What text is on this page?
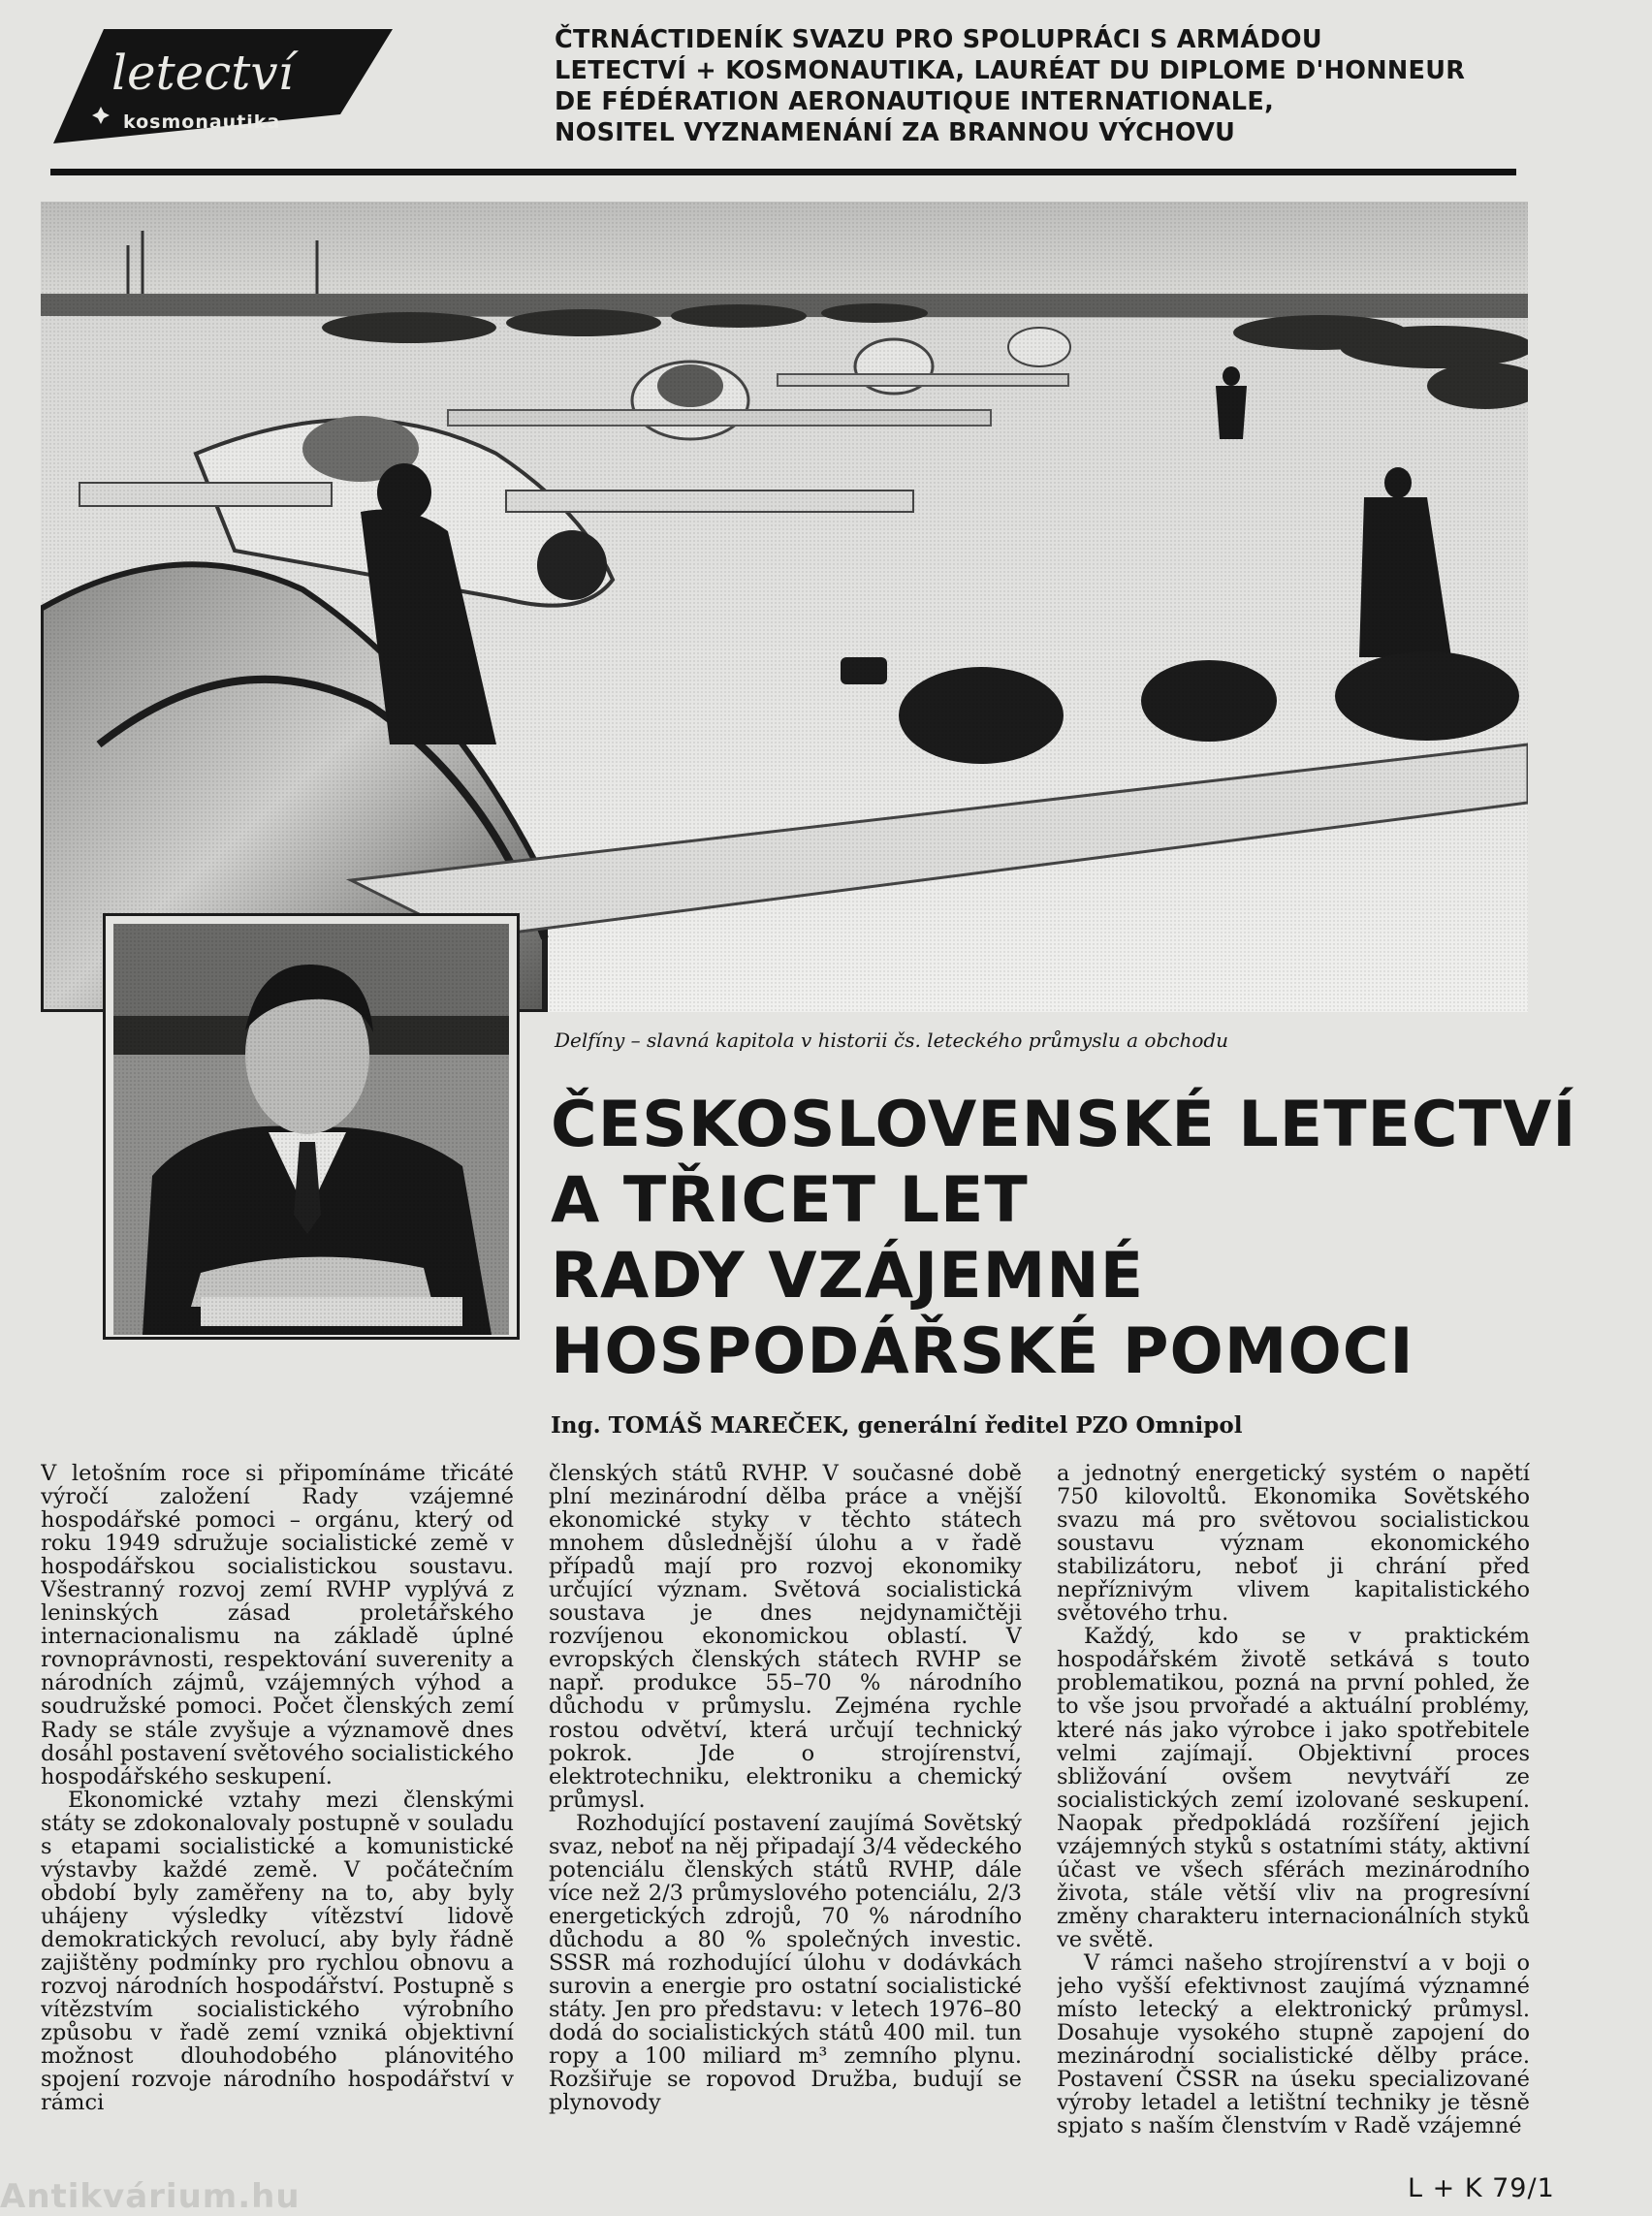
letectví
kosmonautika
ČTRNÁCTIDENÍK SVAZU PRO SPOLUPRÁCI S ARMÁDOU
LETECTVÍ + KOSMONAUTIKA, LAURÉAT DU DIPLOME D'HONNEUR
DE FÉDÉRATION AERONAUTIQUE INTERNATIONALE,
NOSITEL VYZNAMENÁNÍ ZA BRANNOU VÝCHOVU
Delfíny – slavná kapitola v historii čs. leteckého průmyslu a obchodu
ČESKOSLOVENSKÉ LETECTVÍ
A TŘICET LET
RADY VZÁJEMNÉ
HOSPODÁŘSKÉ POMOCI
Ing. TOMÁŠ MAREČEK, generální ředitel PZO Omnipol

V letošním roce si připomínáme třicáté výročí založení Rady vzájemné hospodářské pomoci – orgánu, který od roku 1949 sdružuje socialistické země v hospodářskou socialistickou soustavu. Všestranný rozvoj zemí RVHP vyplývá z leninských zásad proletářského internacionalismu na základě úplné rovnoprávnosti, respektování suverenity a národních zájmů, vzájemných výhod a soudružské pomoci. Počet členských zemí Rady se stále zvyšuje a významově dnes dosáhl postavení světového socialistického hospodářského seskupení.

Ekonomické vztahy mezi členskými státy se zdokonalovaly postupně v souladu s etapami socialistické a komunistické výstavby každé země. V počátečním období byly zaměřeny na to, aby byly uhájeny výsledky vítězství lidově demokratických revolucí, aby byly řádně zajištěny podmínky pro rychlou obnovu a rozvoj národních hospodářství. Postupně s vítězstvím socialistického výrobního způsobu v řadě zemí vzniká objektivní možnost dlouhodobého plánovitého spojení rozvoje národního hospodářství v rámci

členských států RVHP. V současné době plní mezinárodní dělba práce a vnější ekonomické styky v těchto státech mnohem důslednější úlohu a v řadě případů mají pro rozvoj ekonomiky určující význam. Světová socialistická soustava je dnes nejdynamičtěji rozvíjenou ekonomickou oblastí. V evropských členských státech RVHP se např. produkce 55–70 % národního důchodu v průmyslu. Zejména rychle rostou odvětví, která určují technický pokrok. Jde o strojírenství, elektrotechniku, elektroniku a chemický průmysl.

Rozhodující postavení zaujímá Sovětský svaz, neboť na něj připadají 3/4 vědeckého potenciálu členských států RVHP, dále více než 2/3 průmyslového potenciálu, 2/3 energetických zdrojů, 70 % národního důchodu a 80 % společných investic. SSSR má rozhodující úlohu v dodávkách surovin a energie pro ostatní socialistické státy. Jen pro představu: v letech 1976–80 dodá do socialistických států 400 mil. tun ropy a 100 miliard m³ zemního plynu. Rozšiřuje se ropovod Družba, budují se plynovody

a jednotný energetický systém o napětí 750 kilovoltů. Ekonomika Sovětského svazu má pro světovou socialistickou soustavu význam ekonomického stabilizátoru, neboť ji chrání před nepříznivým vlivem kapitalistického světového trhu.

Každý, kdo se v praktickém hospodářském životě setkává s touto problematikou, pozná na první pohled, že to vše jsou prvořadé a aktuální problémy, které nás jako výrobce i jako spotřebitele velmi zajímají. Objektivní proces sbližování ovšem nevytváří ze socialistických zemí izolované seskupení. Naopak předpokládá rozšíření jejich vzájemných styků s ostatními státy, aktivní účast ve všech sférách mezinárodního života, stále větší vliv na progresívní změny charakteru internacionálních styků ve světě.

V rámci našeho strojírenství a v boji o jeho vyšší efektivnost zaujímá významné místo letecký a elektronický průmysl. Dosahuje vysokého stupně zapojení do mezinárodní socialistické dělby práce. Postavení ČSSR na úseku specializované výroby letadel a letištní techniky je těsně spjato s naším členstvím v Radě vzájemné

Antikvárium.hu	L + K 79/1
